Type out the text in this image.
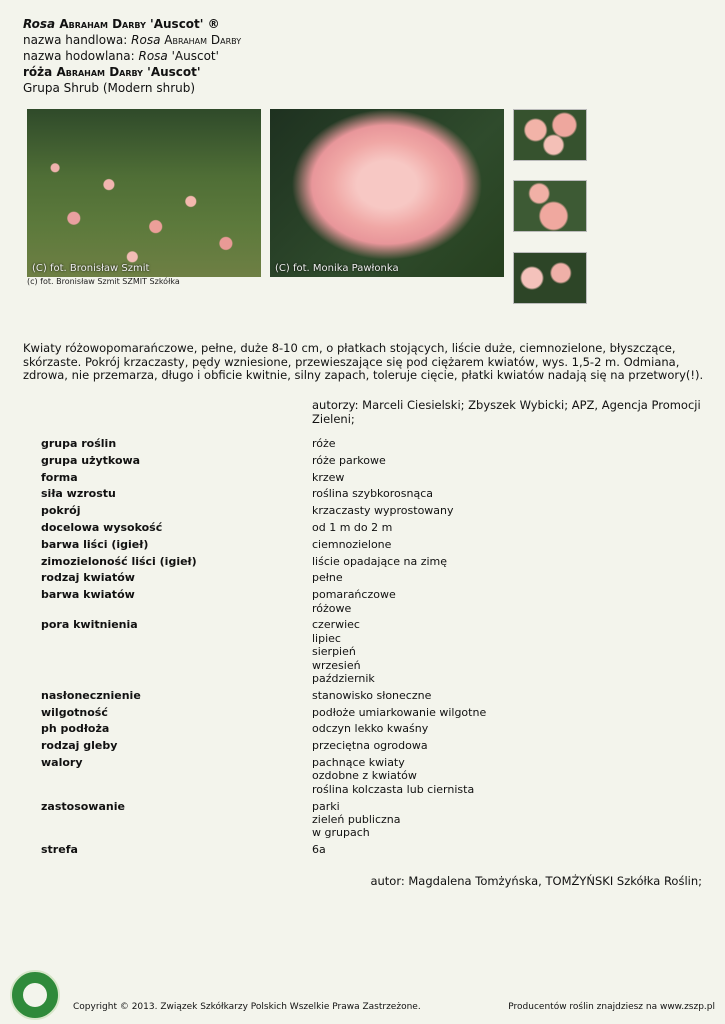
Rosa Abraham Darby 'Auscot' ®
nazwa handlowa: Rosa Abraham Darby
nazwa hodowlana: Rosa 'Auscot'
róża Abraham Darby 'Auscot'
Grupa Shrub (Modern shrub)
(C) fot. Bronisław Szmit	(C) fot. Monika Pawłonka
(c) fot. Bronisław Szmit SZMIT Szkółka
Kwiaty różowopomarańczowe, pełne, duże 8-10 cm, o płatkach stojących, liście duże, ciemnozielone, błyszczące, skórzaste. Pokrój krzaczasty, pędy wzniesione, przewieszające się pod ciężarem kwiatów, wys. 1,5-2 m. Odmiana, zdrowa, nie przemarza, długo i obficie kwitnie, silny zapach, toleruje cięcie, płatki kwiatów nadają się na przetwory(!).
autorzy: Marceli Ciesielski; Zbyszek Wybicki; APZ, Agencja Promocji Zieleni;
grupa roślin	róże

grupa użytkowa	róże parkowe

forma	krzew

siła wzrostu	roślina szybkorosnąca

pokrój	krzaczasty wyprostowany

docelowa wysokość	od 1 m do 2 m

barwa liści (igieł)	ciemnozielone

zimozieloność liści (igieł)	liście opadające na zimę

rodzaj kwiatów	pełne

barwa kwiatów	pomarańczowe
różowe

pora kwitnienia	czerwiec
lipiec
sierpień
wrzesień
październik

nasłonecznienie	stanowisko słoneczne

wilgotność	podłoże umiarkowanie wilgotne

ph podłoża	odczyn lekko kwaśny

rodzaj gleby	przeciętna ogrodowa

walory	pachnące kwiaty
ozdobne z kwiatów
roślina kolczasta lub ciernista

zastosowanie	parki
zieleń publiczna
w grupach

strefa	6a
autor: Magdalena Tomżyńska, TOMŻYŃSKI Szkółka Roślin;
Copyright © 2013. Związek Szkółkarzy Polskich Wszelkie Prawa Zastrzeżone.	Producentów roślin znajdziesz na www.zszp.pl
